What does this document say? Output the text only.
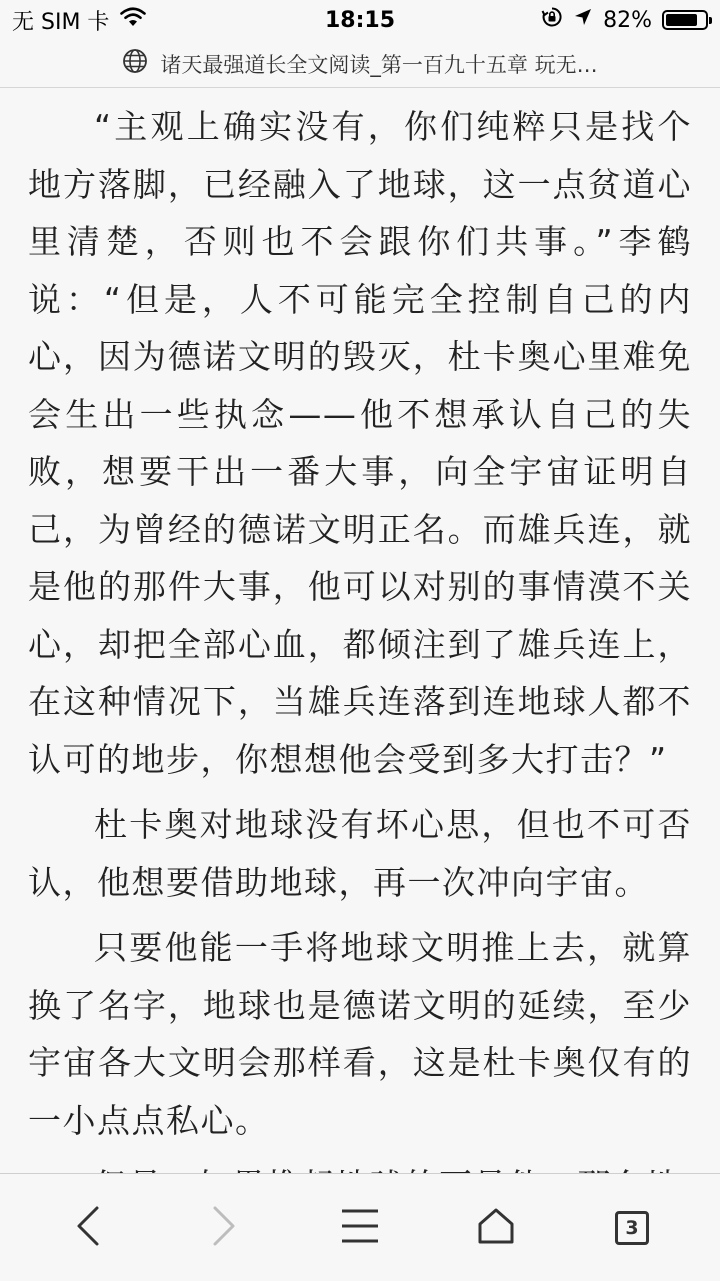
无 SIM 卡	18:15	82%
诸天最强道长全文阅读_第一百九十五章 玩无…

“主观上确实没有，你们纯粹只是找个地方落脚，已经融入了地球，这一点贫道心里清楚，否则也不会跟你们共事。”李鹤说：“但是，人不可能完全控制自己的内心，因为德诺文明的毁灭，杜卡奥心里难免会生出一些执念——他不想承认自己的失败，想要干出一番大事，向全宇宙证明自己，为曾经的德诺文明正名。而雄兵连，就是他的那件大事，他可以对别的事情漠不关心，却把全部心血，都倾注到了雄兵连上，在这种情况下，当雄兵连落到连地球人都不认可的地步，你想想他会受到多大打击？”

杜卡奥对地球没有坏心思，但也不可否认，他想要借助地球，再一次冲向宇宙。

只要他能一手将地球文明推上去，就算换了名字，地球也是德诺文明的延续，至少宇宙各大文明会那样看，这是杜卡奥仅有的一小点点私心。

3
